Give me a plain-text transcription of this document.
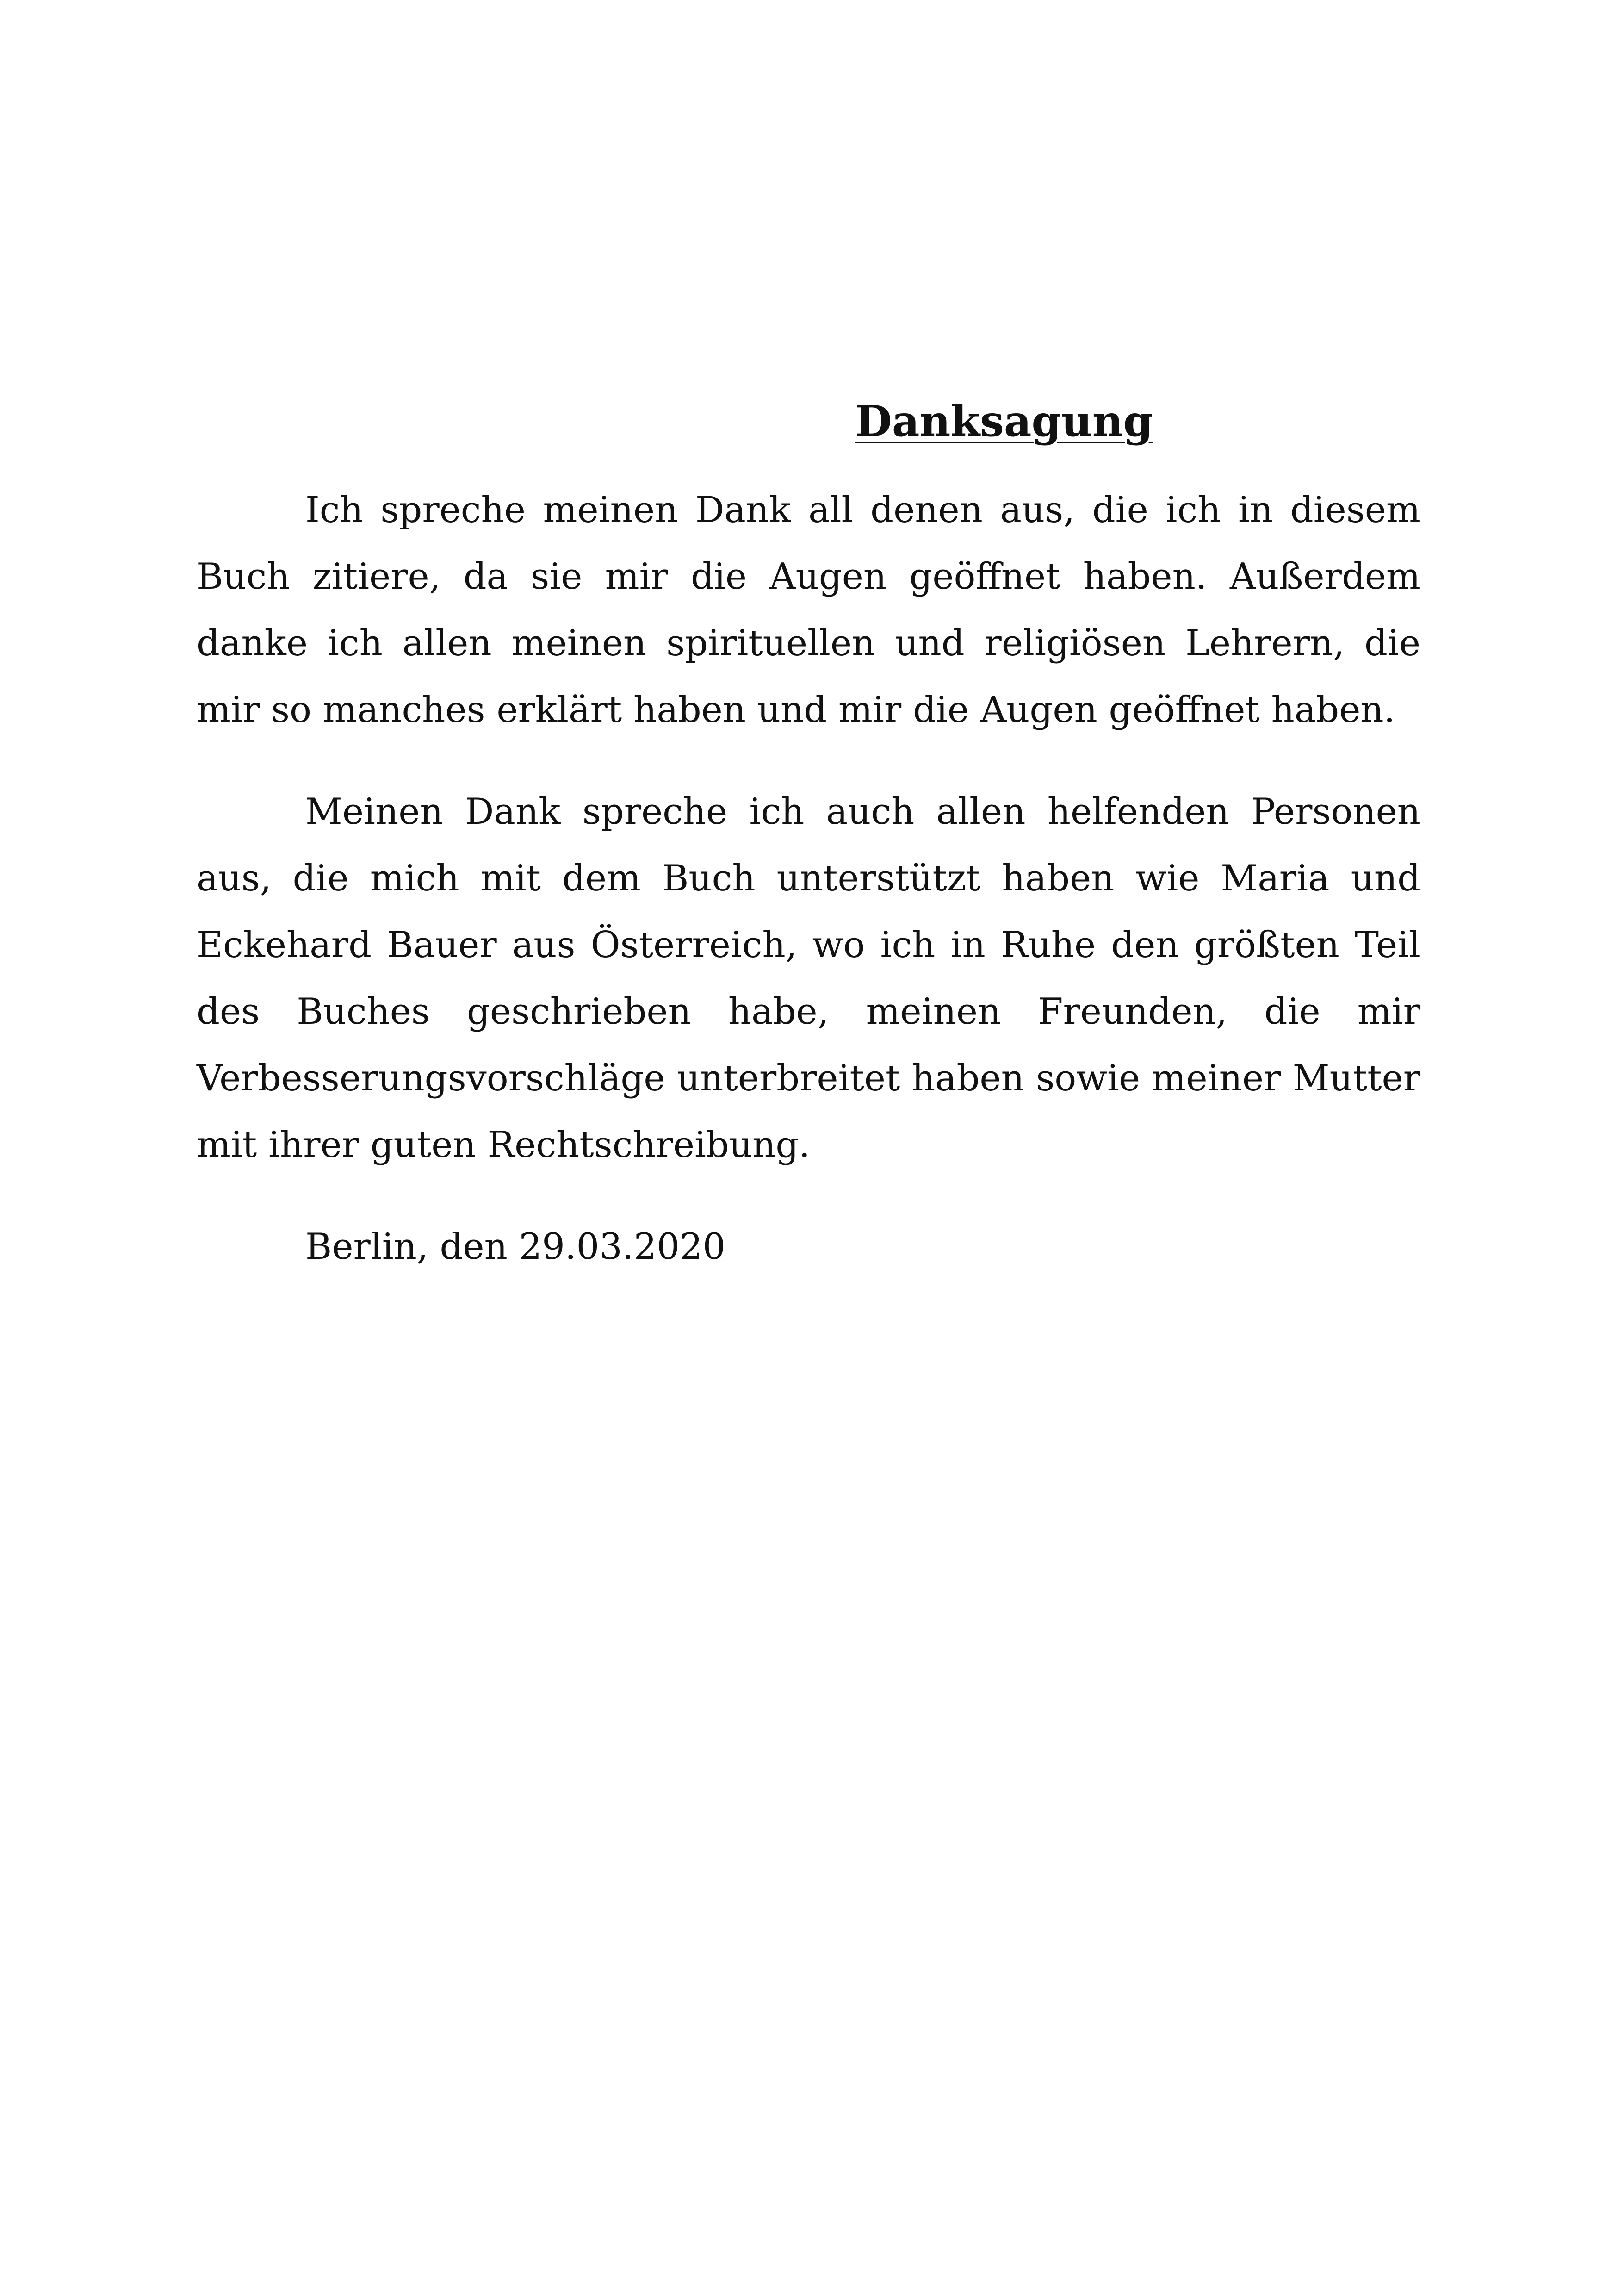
Danksagung

Ich spreche meinen Dank all denen aus, die ich in diesem Buch zitiere, da sie mir die Augen geöffnet haben. Außerdem danke ich allen meinen spirituellen und religiösen Lehrern, die mir so manches erklärt haben und mir die Augen geöffnet haben.

Meinen Dank spreche ich auch allen helfenden Personen aus, die mich mit dem Buch unterstützt haben wie Maria und Eckehard Bauer aus Österreich, wo ich in Ruhe den größten Teil des Buches geschrieben habe, meinen Freunden, die mir Verbesserungsvorschläge unterbreitet haben sowie meiner Mutter mit ihrer guten Rechtschreibung.

Berlin, den 29.03.2020
